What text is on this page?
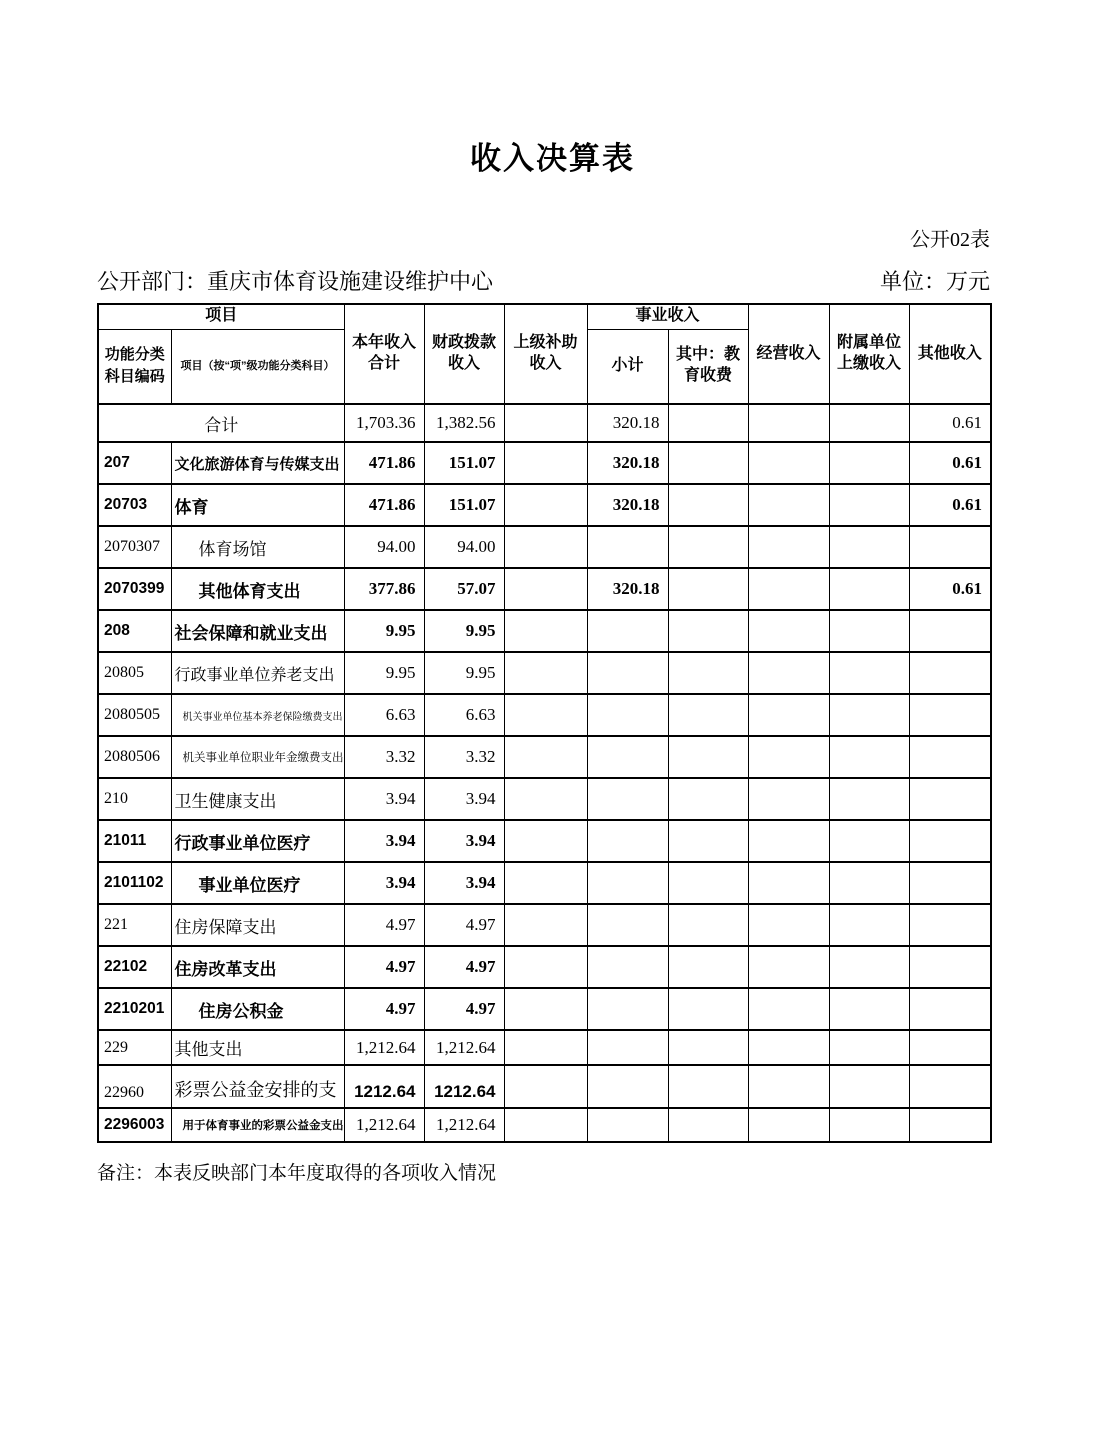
收入决算表
公开02表
公开部门：重庆市体育设施建设维护中心	单位：万元
项目		本年收入合计	财政拨款收入	上级补助收入	事业收入		经营收入	附属单位上缴收入	其他收入
功能分类科目编码	项目（按“项”级功能分类科目）				小计	其中：教育收费			
合计		1,703.36	1,382.56		320.18				0.61
207	文化旅游体育与传媒支出	471.86	151.07		320.18				0.61
20703	体育	471.86	151.07		320.18				0.61
2070307	体育场馆	94.00	94.00						
2070399	其他体育支出	377.86	57.07		320.18				0.61
208	社会保障和就业支出	9.95	9.95						
20805	行政事业单位养老支出	9.95	9.95						
2080505	机关事业单位基本养老保险缴费支出	6.63	6.63						
2080506	机关事业单位职业年金缴费支出	3.32	3.32						
210	卫生健康支出	3.94	3.94						
21011	行政事业单位医疗	3.94	3.94						
2101102	事业单位医疗	3.94	3.94						
221	住房保障支出	4.97	4.97						
22102	住房改革支出	4.97	4.97						
2210201	住房公积金	4.97	4.97						
229	其他支出	1,212.64	1,212.64						
22960	彩票公益金安排的支	1212.64	1212.64						
2296003	用于体育事业的彩票公益金支出	1,212.64	1,212.64						
备注：本表反映部门本年度取得的各项收入情况
